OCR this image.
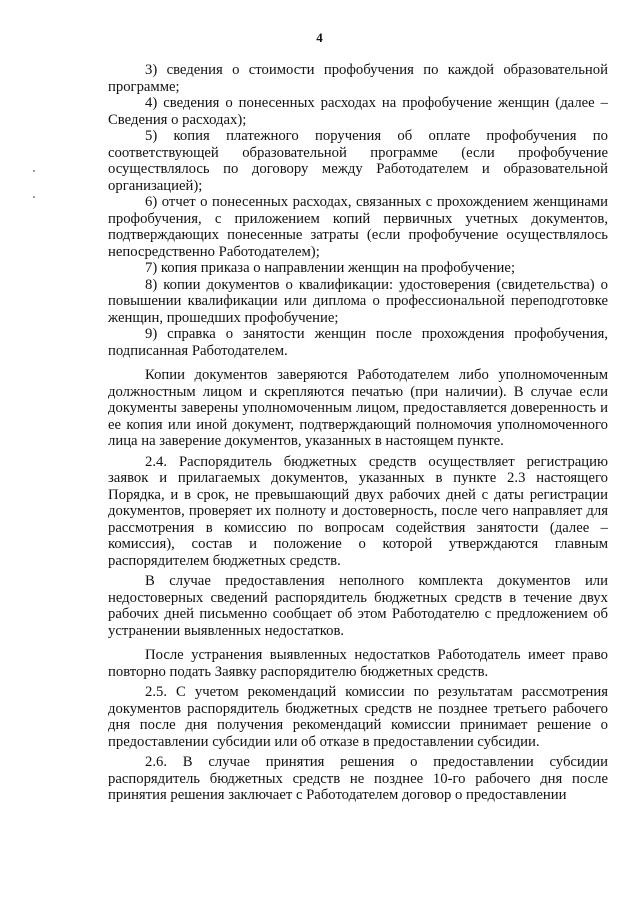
4

3) сведения о стоимости профобучения по каждой образовательной программе;

4) сведения о понесенных расходах на профобучение женщин (далее – Сведения о расходах);

5) копия платежного поручения об оплате профобучения по соответствующей образовательной программе (если профобучение осуществлялось по договору между Работодателем и образовательной организацией);

6) отчет о понесенных расходах, связанных с прохождением женщинами профобучения, с приложением копий первичных учетных документов, подтверждающих понесенные затраты (если профобучение осуществлялось непосредственно Работодателем);

7) копия приказа о направлении женщин на профобучение;

8) копии документов о квалификации: удостоверения (свидетельства) о повышении квалификации или диплома о профессиональной переподготовке женщин, прошедших профобучение;

9) справка о занятости женщин после прохождения профобучения, подписанная Работодателем.

Копии документов заверяются Работодателем либо уполномоченным должностным лицом и скрепляются печатью (при наличии). В случае если документы заверены уполномоченным лицом, предоставляется доверенность и ее копия или иной документ, подтверждающий полномочия уполномоченного лица на заверение документов, указанных в настоящем пункте.

2.4. Распорядитель бюджетных средств осуществляет регистрацию заявок и прилагаемых документов, указанных в пункте 2.3 настоящего Порядка, и в срок, не превышающий двух рабочих дней с даты регистрации документов, проверяет их полноту и достоверность, после чего направляет для рассмотрения в комиссию по вопросам содействия занятости (далее – комиссия), состав и положение о которой утверждаются главным распорядителем бюджетных средств.

В случае предоставления неполного комплекта документов или недостоверных сведений распорядитель бюджетных средств в течение двух рабочих дней письменно сообщает об этом Работодателю с предложением об устранении выявленных недостатков.

После устранения выявленных недостатков Работодатель имеет право повторно подать Заявку распорядителю бюджетных средств.

2.5. С учетом рекомендаций комиссии по результатам рассмотрения документов распорядитель бюджетных средств не позднее третьего рабочего дня после дня получения рекомендаций комиссии принимает решение о предоставлении субсидии или об отказе в предоставлении субсидии.

2.6. В случае принятия решения о предоставлении субсидии распорядитель бюджетных средств не позднее 10-го рабочего дня после принятия решения заключает с Работодателем договор о предоставлении
